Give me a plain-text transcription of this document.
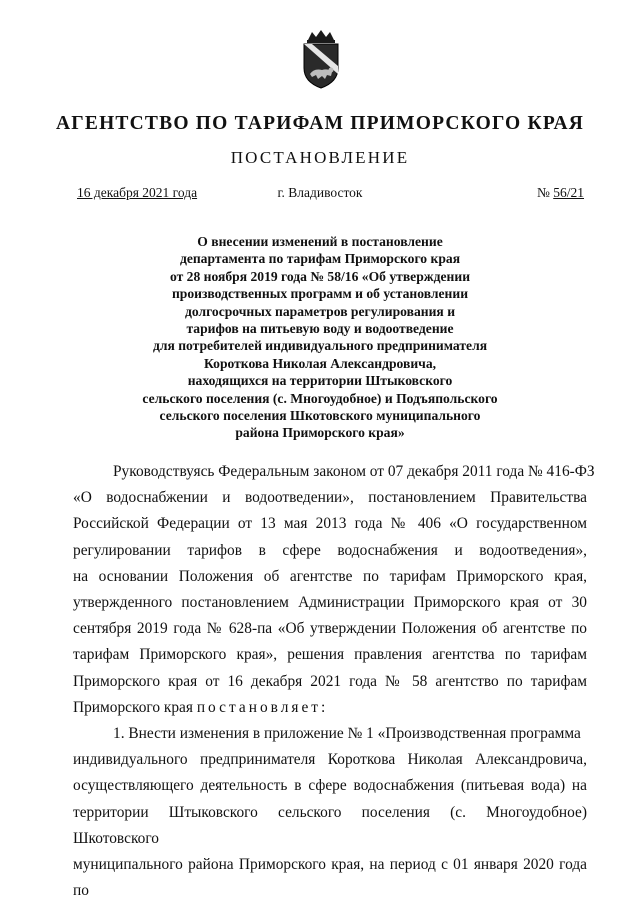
АГЕНТСТВО ПО ТАРИФАМ ПРИМОРСКОГО КРАЯ
ПОСТАНОВЛЕНИЕ
16 декабря 2021 года	г. Владивосток	№ 56/21
О внесении изменений в постановление
департамента по тарифам Приморского края
от 28 ноября 2019 года № 58/16 «Об утверждении
производственных программ и об установлении
долгосрочных параметров регулирования и
тарифов на питьевую воду и водоотведение
для потребителей индивидуального предпринимателя
Короткова Николая Александровича,
находящихся на территории Штыковского
сельского поселения (с. Многоудобное) и Подъяпольского
сельского поселения Шкотовского муниципального
района Приморского края»
Руководствуясь Федеральным законом от 07 декабря 2011 года № 416-ФЗ
«О водоснабжении и водоотведении», постановлением Правительства
Российской Федерации от 13 мая 2013 года № 406 «О государственном
регулировании тарифов в сфере водоснабжения и водоотведения»,
на основании Положения об агентстве по тарифам Приморского края,
утвержденного постановлением Администрации Приморского края от 30
сентября 2019 года № 628-па «Об утверждении Положения об агентстве по
тарифам Приморского края», решения правления агентства по тарифам
Приморского края от 16 декабря 2021 года № 58 агентство по тарифам
Приморского края постановляет:
1. Внести изменения в приложение № 1 «Производственная программа
индивидуального предпринимателя Короткова Николая Александровича,
осуществляющего деятельность в сфере водоснабжения (питьевая вода) на
территории Штыковского сельского поселения (с. Многоудобное) Шкотовского
муниципального района Приморского края, на период с 01 января 2020 года по
